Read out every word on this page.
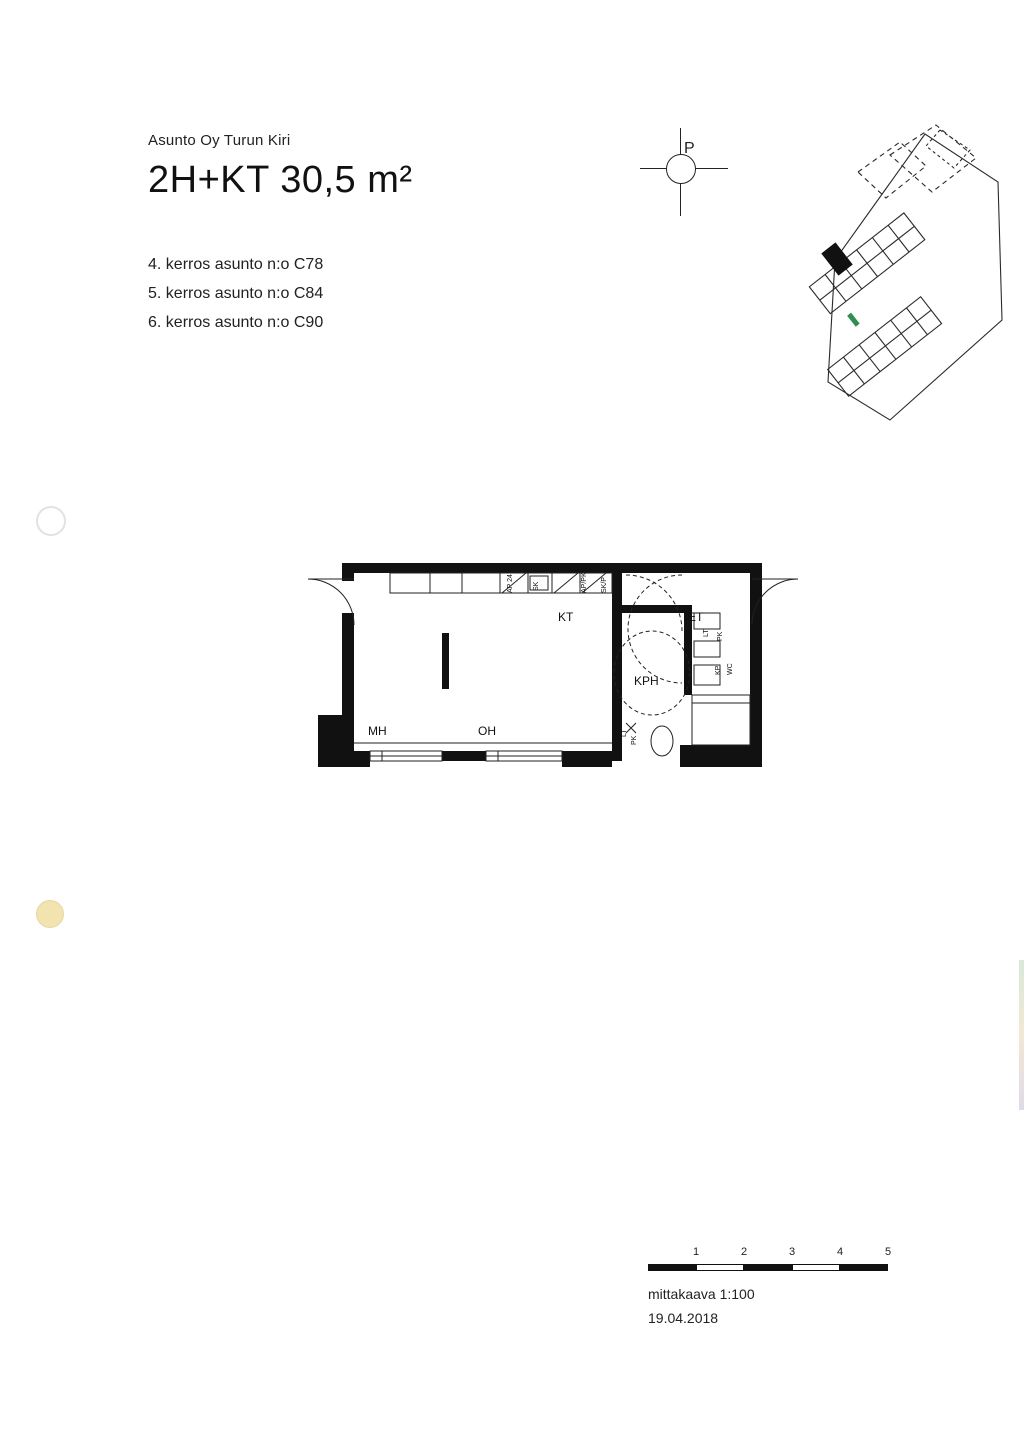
Asunto Oy Turun Kiri
2H+KT 30,5 m²
4. kerros asunto n:o C78
5. kerros asunto n:o C84
6. kerros asunto n:o C90
P
MH	OH
KT	ET
KPH
AP 24	SK	AP/PK SK/P
LT PK
KP WC
LT
PK
1	2	3	4	5
mittakaava 1:100
19.04.2018
